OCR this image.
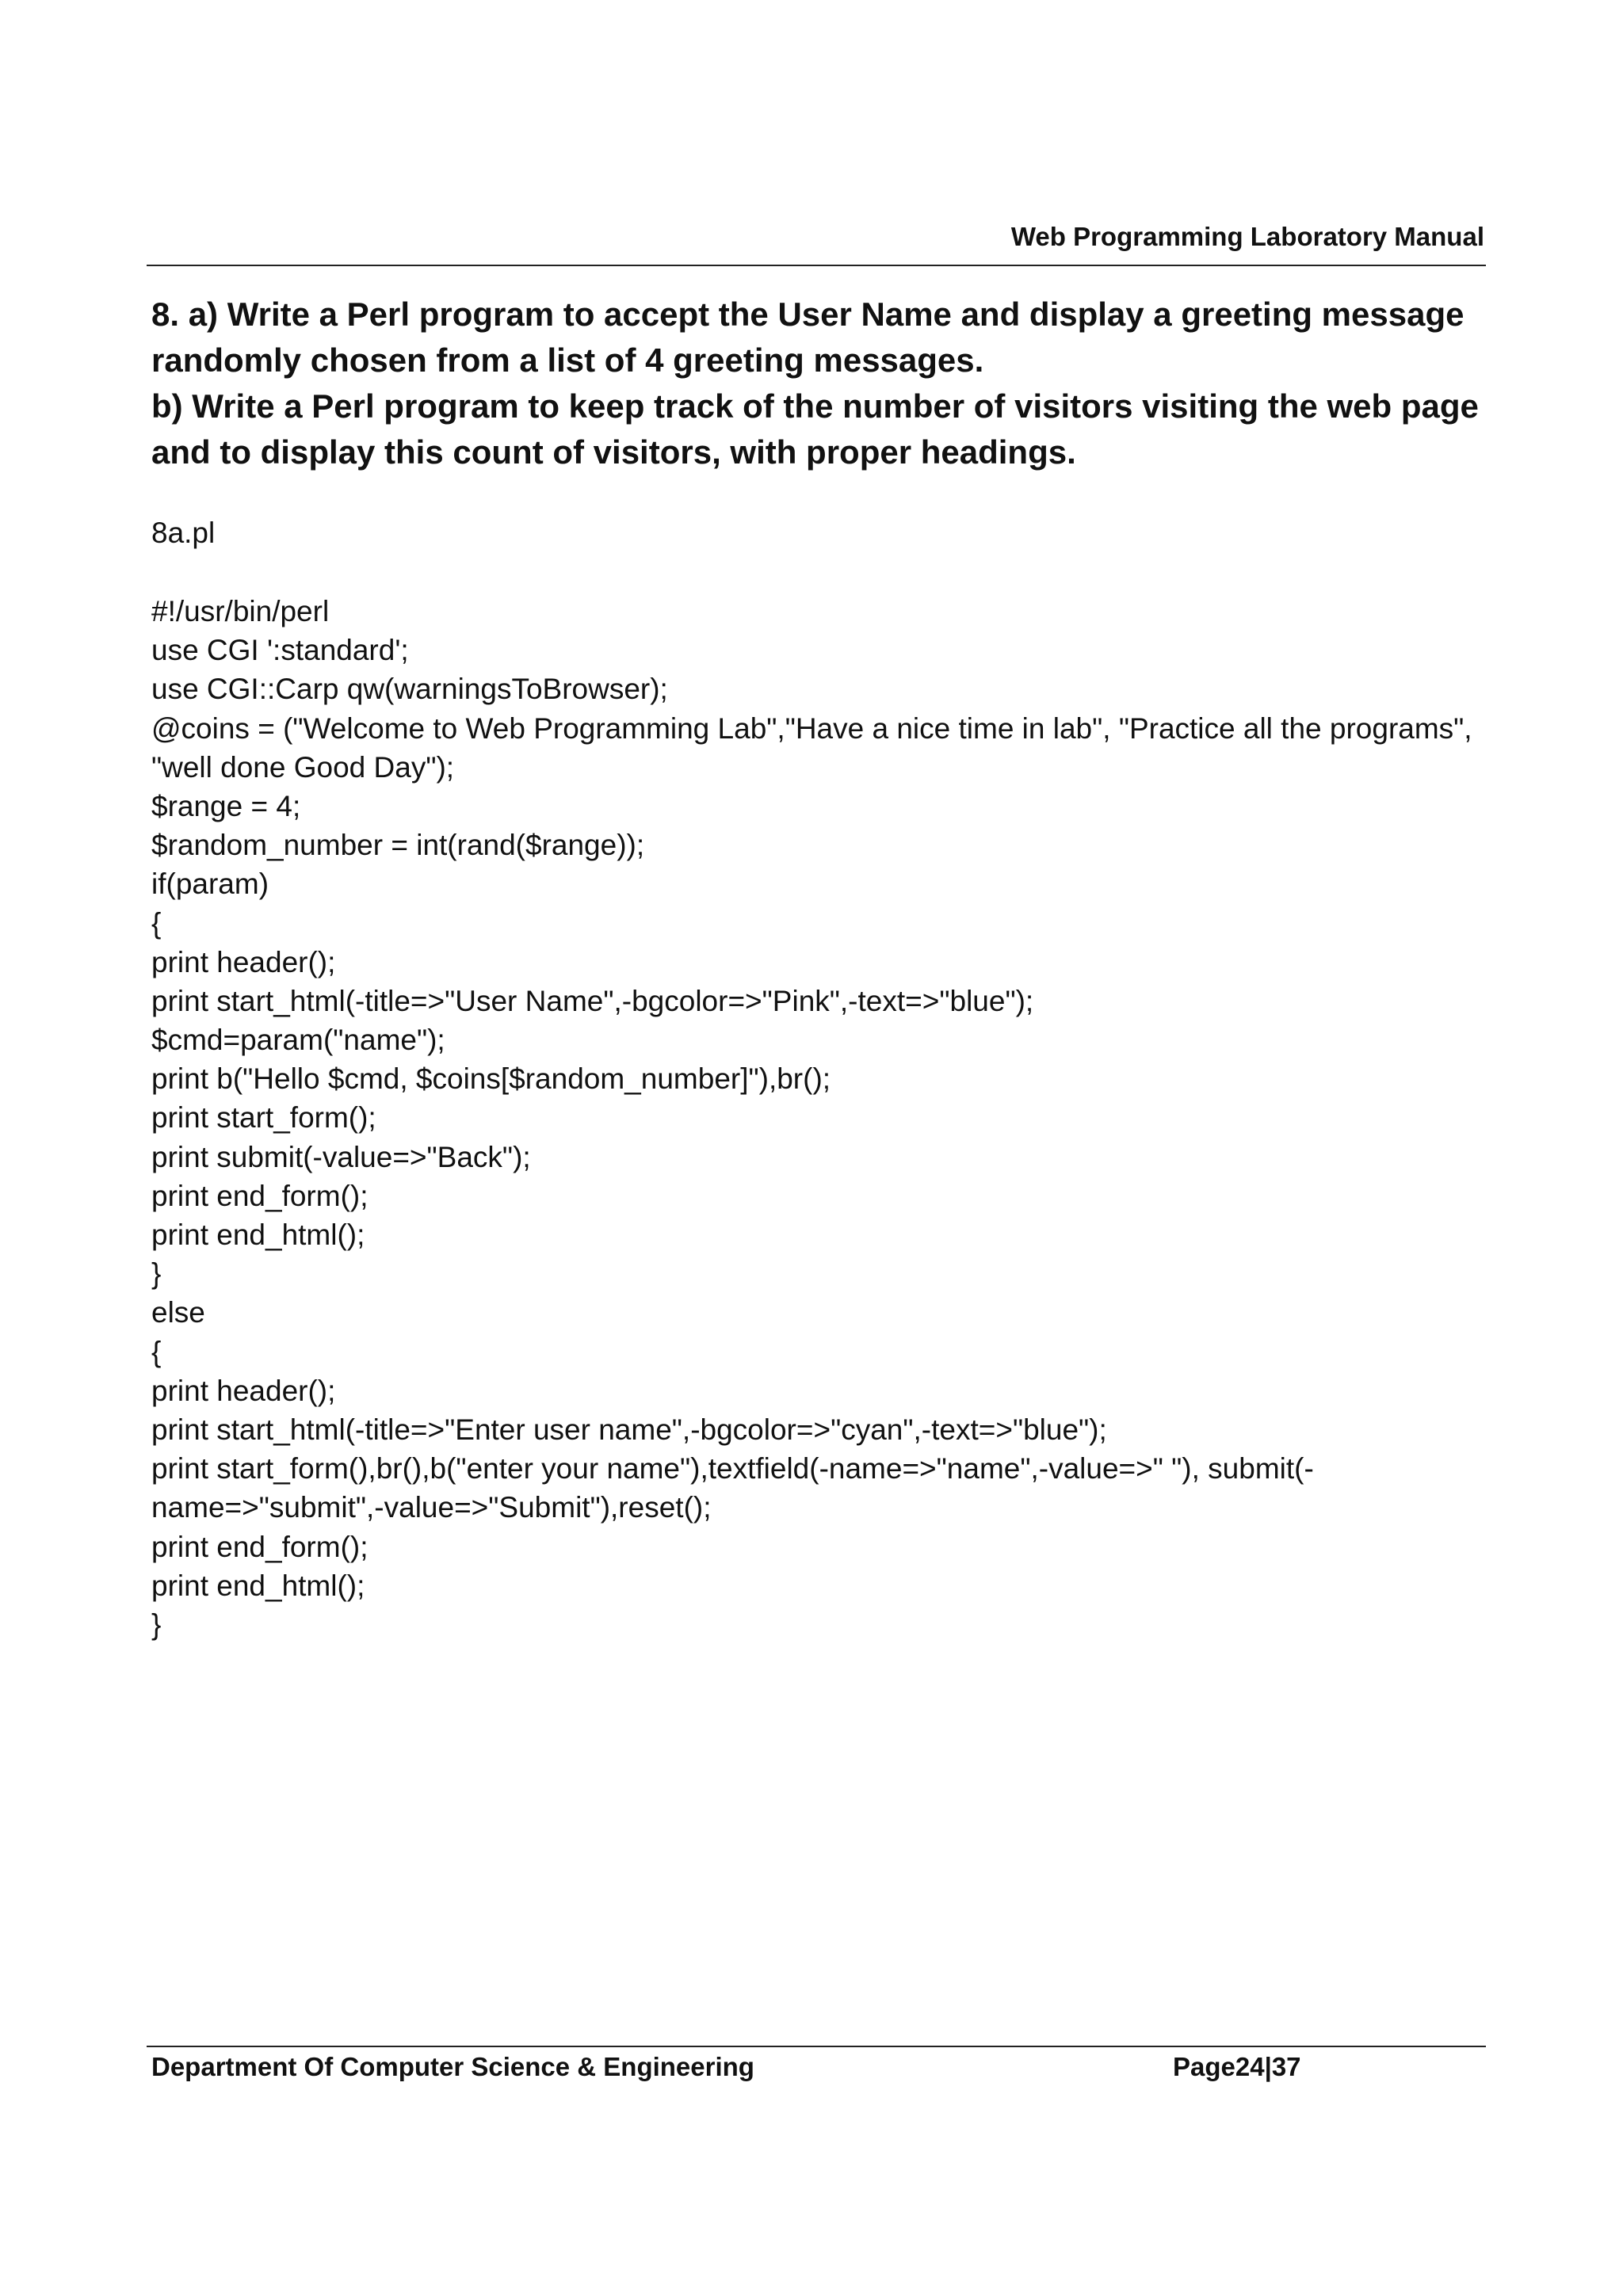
Web Programming Laboratory Manual

8. a) Write a Perl program to accept the User Name and display a greeting message randomly chosen from a list of 4 greeting messages.

b) Write a Perl program to keep track of the number of visitors visiting the web page and to display this count of visitors, with proper headings.

8a.pl
#!/usr/bin/perl
use CGI ':standard';
use CGI::Carp qw(warningsToBrowser);
@coins = ("Welcome to Web Programming Lab","Have a nice time in lab", "Practice all the programs",
"well done Good Day");
$range = 4;
$random_number = int(rand($range));
if(param)
{
print header();
print start_html(-title=>"User Name",-bgcolor=>"Pink",-text=>"blue");
$cmd=param("name");
print b("Hello $cmd, $coins[$random_number]"),br();
print start_form();
print submit(-value=>"Back");
print end_form();
print end_html();
}
else
{
print header();
print start_html(-title=>"Enter user name",-bgcolor=>"cyan",-text=>"blue");
print start_form(),br(),b("enter your name"),textfield(-name=>"name",-value=>" "), submit(-
name=>"submit",-value=>"Submit"),reset();
print end_form();
print end_html();
}
Department Of Computer Science & Engineering	Page24|37
